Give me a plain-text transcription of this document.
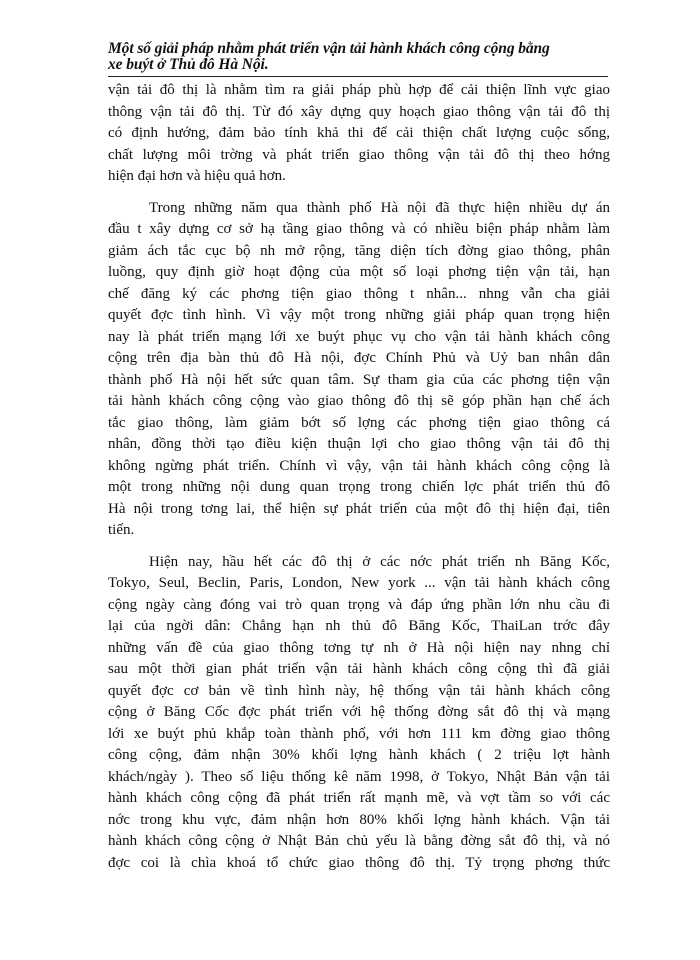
Một số giải pháp nhằm phát triển vận tải hành khách công cộng bằng
xe buýt ở Thủ đô Hà Nội.
vận tải đô thị là nhằm tìm ra giải pháp phù hợp để cải thiện lĩnh vực giao
thông vận tải đô thị. Từ đó xây dựng quy hoạch giao thông vận tải đô thị
có định hướng, đảm bảo tính khả thi để cải thiện chất lượng cuộc sống,
chất lượng môi trờng và phát triển giao thông vận tải đô thị theo hớng
hiện đại hơn và hiệu quả hơn.
Trong những năm qua thành phố Hà nội đã thực hiện nhiều dự án
đầu t xây dựng cơ sở hạ tầng giao thông và có nhiều biện pháp nhằm làm
giảm ách tắc cục bộ nh mở rộng, tăng diện tích đờng giao thông, phân
luồng, quy định giờ hoạt động của một số loại phơng tiện vận tải, hạn
chế đăng ký các phơng tiện giao thông t nhân... nhng vẫn cha giải
quyết đợc tình hình. Vì vậy một trong những giải pháp quan trọng hiện
nay là phát triển mạng lới xe buýt phục vụ cho vận tải hành khách công
cộng trên địa bàn thủ đô Hà nội, đợc Chính Phủ và Uỷ ban nhân dân
thành phố Hà nội hết sức quan tâm. Sự tham gia của các phơng tiện vận
tải hành khách công cộng vào giao thông đô thị sẽ góp phần hạn chế ách
tắc giao thông, làm giảm bớt số lợng các phơng tiện giao thông cá
nhân, đồng thời tạo điều kiện thuận lợi cho giao thông vận tải đô thị
không ngừng phát triển. Chính vì vậy, vận tải hành khách công cộng là
một trong những nội dung quan trọng trong chiến lợc phát triển thủ đô
Hà nội trong tơng lai, thể hiện sự phát triển của một đô thị hiện đại, tiên
tiến.
Hiện nay, hầu hết các đô thị ở các nớc phát triển nh Băng Kốc,
Tokyo, Seul, Beclin, Paris, London, New york ... vận tải hành khách công
cộng ngày càng đóng vai trò quan trọng và đáp ứng phần lớn nhu cầu đi
lại của ngời dân: Chẳng hạn nh thủ đô Băng Kốc, ThaiLan trớc đây
những vấn đề của giao thông tơng tự nh ở Hà nội hiện nay nhng chỉ
sau một thời gian phát triển vận tải hành khách công cộng thì đã giải
quyết đợc cơ bản về tình hình này, hệ thống vận tải hành khách công
cộng ở Băng Cốc đợc phát triển với hệ thống đờng sắt đô thị và mạng
lới xe buýt phủ khắp toàn thành phố, với hơn 111 km đờng giao thông
công cộng, đảm nhận 30% khối lợng hành khách ( 2 triệu lợt hành
khách/ngày ). Theo số liệu thống kê năm 1998, ở Tokyo, Nhật Bản vận tải
hành khách công cộng đã phát triển rất mạnh mẽ, và vợt tầm so với các
nớc trong khu vực, đảm nhận hơn 80% khối lợng hành khách. Vận tải
hành khách công cộng ở Nhật Bản chủ yếu là bằng đờng sắt đô thị, và nó
đợc coi là chìa khoá tổ chức giao thông đô thị. Tỷ trọng phơng thức
